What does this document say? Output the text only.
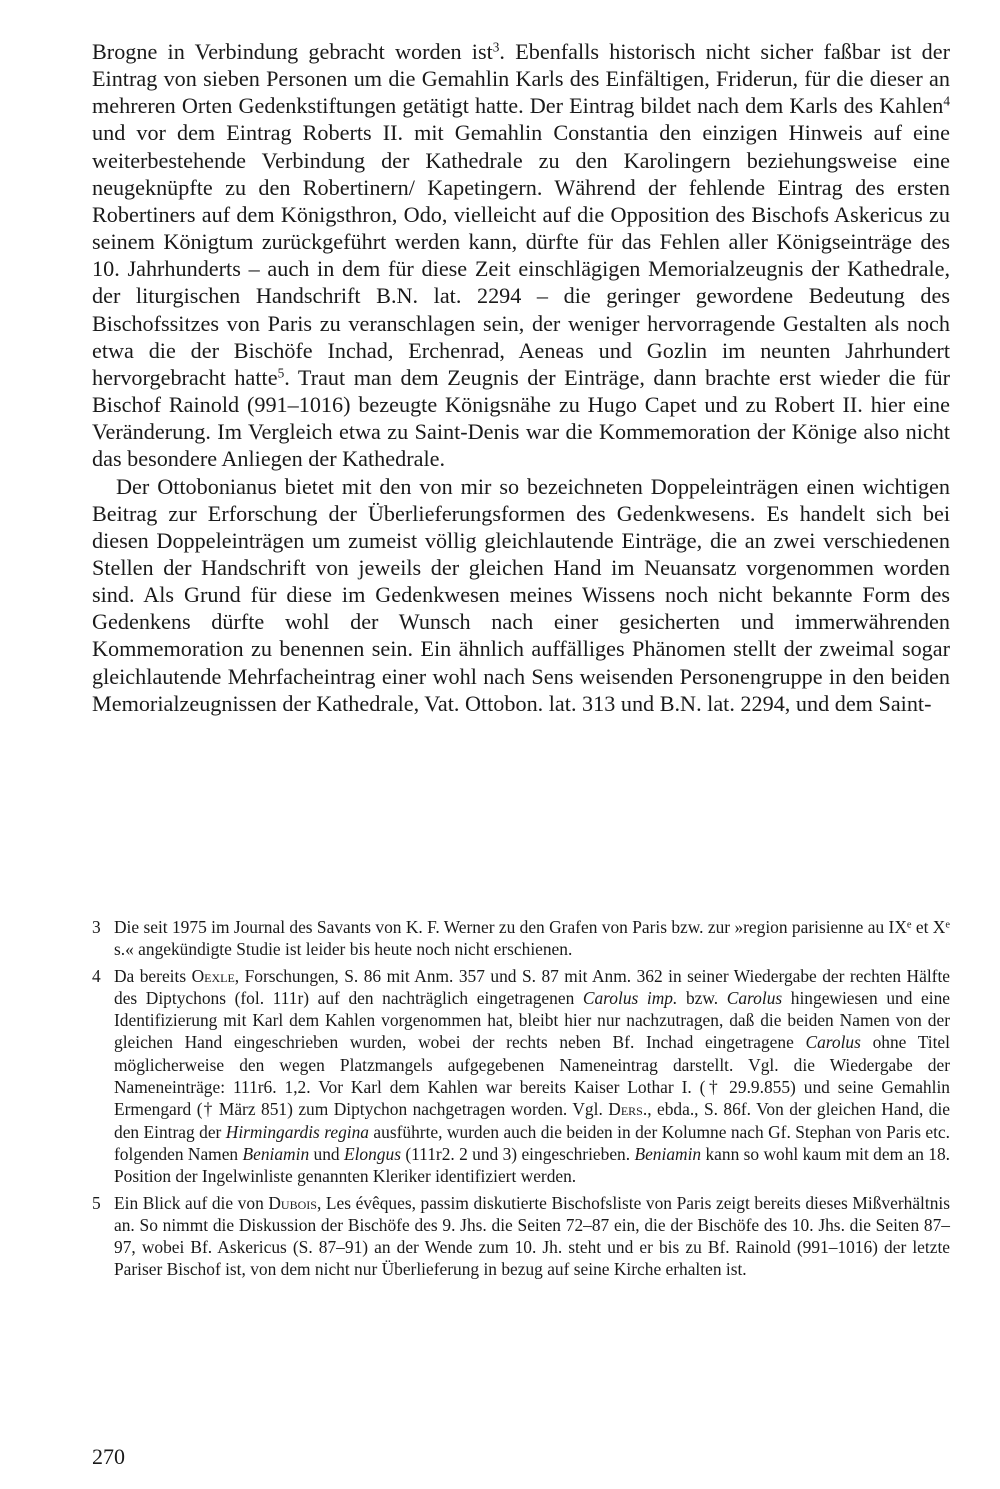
Brogne in Verbindung gebracht worden ist$^3$. Ebenfalls historisch nicht sicher faßbar ist der Eintrag von sieben Personen um die Gemahlin Karls des Einfältigen, Friderun, für die dieser an mehreren Orten Gedenkstiftungen getätigt hatte. Der Eintrag bildet nach dem Karls des Kahlen$^4$ und vor dem Eintrag Roberts II. mit Gemahlin Constantia den einzigen Hinweis auf eine weiterbestehende Verbindung der Kathedrale zu den Karolingern beziehungsweise eine neugeknüpfte zu den Robertinern/ Kapetingern. Während der fehlende Eintrag des ersten Robertiners auf dem Königsthron, Odo, vielleicht auf die Opposition des Bischofs Askericus zu seinem Königtum zurückgeführt werden kann, dürfte für das Fehlen aller Königseinträge des 10. Jahrhunderts – auch in dem für diese Zeit einschlägigen Memorialzeugnis der Kathedrale, der liturgischen Handschrift B.N. lat. 2294 – die geringer gewordene Bedeutung des Bischofssitzes von Paris zu veranschlagen sein, der weniger hervorragende Gestalten als noch etwa die der Bischöfe Inchad, Erchenrad, Aeneas und Gozlin im neunten Jahrhundert hervorgebracht hatte$^5$. Traut man dem Zeugnis der Einträge, dann brachte erst wieder die für Bischof Rainold (991–1016) bezeugte Königsnähe zu Hugo Capet und zu Robert II. hier eine Veränderung. Im Vergleich etwa zu Saint-Denis war die Kommemoration der Könige also nicht das besondere Anliegen der Kathedrale.

Der Ottobonianus bietet mit den von mir so bezeichneten Doppeleinträgen einen wichtigen Beitrag zur Erforschung der Überlieferungsformen des Gedenkwesens. Es handelt sich bei diesen Doppeleinträgen um zumeist völlig gleichlautende Einträge, die an zwei verschiedenen Stellen der Handschrift von jeweils der gleichen Hand im Neuansatz vorgenommen worden sind. Als Grund für diese im Gedenkwesen meines Wissens noch nicht bekannte Form des Gedenkens dürfte wohl der Wunsch nach einer gesicherten und immerwährenden Kommemoration zu benennen sein. Ein ähnlich auffälliges Phänomen stellt der zweimal sogar gleichlautende Mehrfacheintrag einer wohl nach Sens weisenden Personengruppe in den beiden Memorialzeugnissen der Kathedrale, Vat. Ottobon. lat. 313 und B.N. lat. 2294, und dem Saint-

3 Die seit 1975 im Journal des Savants von K. F. Werner zu den Grafen von Paris bzw. zur »region parisienne au IXe et Xe s.« angekündigte Studie ist leider bis heute noch nicht erschienen.
4 Da bereits Oexle, Forschungen, S. 86 mit Anm. 357 und S. 87 mit Anm. 362 in seiner Wiedergabe der rechten Hälfte des Diptychons (fol. 111r) auf den nachträglich eingetragenen Carolus imp. bzw. Carolus hingewiesen und eine Identifizierung mit Karl dem Kahlen vorgenommen hat, bleibt hier nur nachzutragen, daß die beiden Namen von der gleichen Hand eingeschrieben wurden, wobei der rechts neben Bf. Inchad eingetragene Carolus ohne Titel möglicherweise den wegen Platzmangels aufgegebenen Nameneintrag darstellt. Vgl. die Wiedergabe der Nameneinträge: 111r6. 1,2. Vor Karl dem Kahlen war bereits Kaiser Lothar I. († 29.9.855) und seine Gemahlin Ermengard († März 851) zum Diptychon nachgetragen worden. Vgl. Ders., ebda., S. 86f. Von der gleichen Hand, die den Eintrag der Hirmingardis regina ausführte, wurden auch die beiden in der Kolumne nach Gf. Stephan von Paris etc. folgenden Namen Beniamin und Elongus (111r2. 2 und 3) eingeschrieben. Beniamin kann so wohl kaum mit dem an 18. Position der Ingelwinliste genannten Kleriker identifiziert werden.
5 Ein Blick auf die von Dubois, Les évêques, passim diskutierte Bischofsliste von Paris zeigt bereits dieses Mißverhältnis an. So nimmt die Diskussion der Bischöfe des 9. Jhs. die Seiten 72–87 ein, die der Bischöfe des 10. Jhs. die Seiten 87–97, wobei Bf. Askericus (S. 87–91) an der Wende zum 10. Jh. steht und er bis zu Bf. Rainold (991–1016) der letzte Pariser Bischof ist, von dem nicht nur Überlieferung in bezug auf seine Kirche erhalten ist.
270
